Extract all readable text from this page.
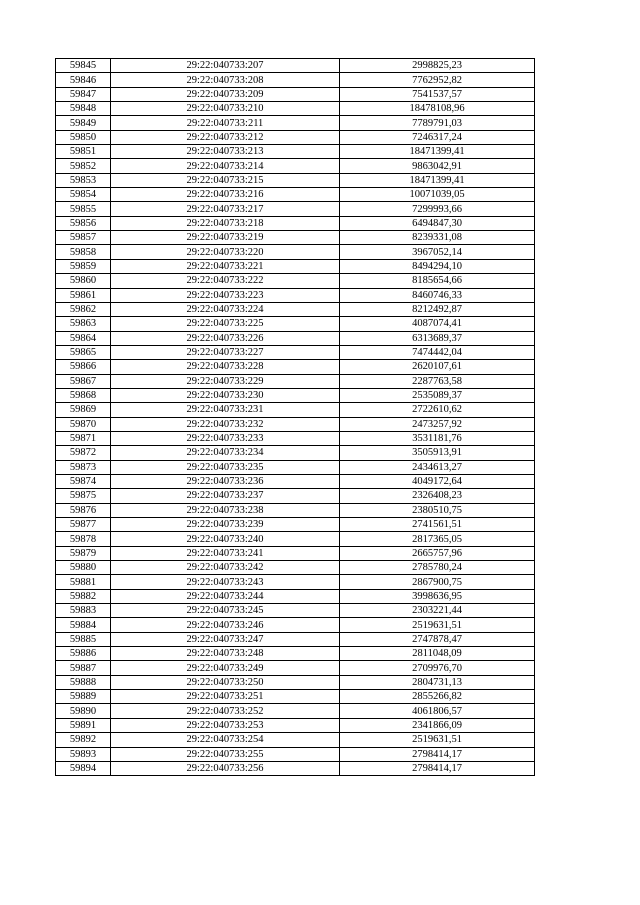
59845	29:22:040733:207	2998825,23
59846	29:22:040733:208	7762952,82
59847	29:22:040733:209	7541537,57
59848	29:22:040733:210	18478108,96
59849	29:22:040733:211	7789791,03
59850	29:22:040733:212	7246317,24
59851	29:22:040733:213	18471399,41
59852	29:22:040733:214	9863042,91
59853	29:22:040733:215	18471399,41
59854	29:22:040733:216	10071039,05
59855	29:22:040733:217	7299993,66
59856	29:22:040733:218	6494847,30
59857	29:22:040733:219	8239331,08
59858	29:22:040733:220	3967052,14
59859	29:22:040733:221	8494294,10
59860	29:22:040733:222	8185654,66
59861	29:22:040733:223	8460746,33
59862	29:22:040733:224	8212492,87
59863	29:22:040733:225	4087074,41
59864	29:22:040733:226	6313689,37
59865	29:22:040733:227	7474442,04
59866	29:22:040733:228	2620107,61
59867	29:22:040733:229	2287763,58
59868	29:22:040733:230	2535089,37
59869	29:22:040733:231	2722610,62
59870	29:22:040733:232	2473257,92
59871	29:22:040733:233	3531181,76
59872	29:22:040733:234	3505913,91
59873	29:22:040733:235	2434613,27
59874	29:22:040733:236	4049172,64
59875	29:22:040733:237	2326408,23
59876	29:22:040733:238	2380510,75
59877	29:22:040733:239	2741561,51
59878	29:22:040733:240	2817365,05
59879	29:22:040733:241	2665757,96
59880	29:22:040733:242	2785780,24
59881	29:22:040733:243	2867900,75
59882	29:22:040733:244	3998636,95
59883	29:22:040733:245	2303221,44
59884	29:22:040733:246	2519631,51
59885	29:22:040733:247	2747878,47
59886	29:22:040733:248	2811048,09
59887	29:22:040733:249	2709976,70
59888	29:22:040733:250	2804731,13
59889	29:22:040733:251	2855266,82
59890	29:22:040733:252	4061806,57
59891	29:22:040733:253	2341866,09
59892	29:22:040733:254	2519631,51
59893	29:22:040733:255	2798414,17
59894	29:22:040733:256	2798414,17
